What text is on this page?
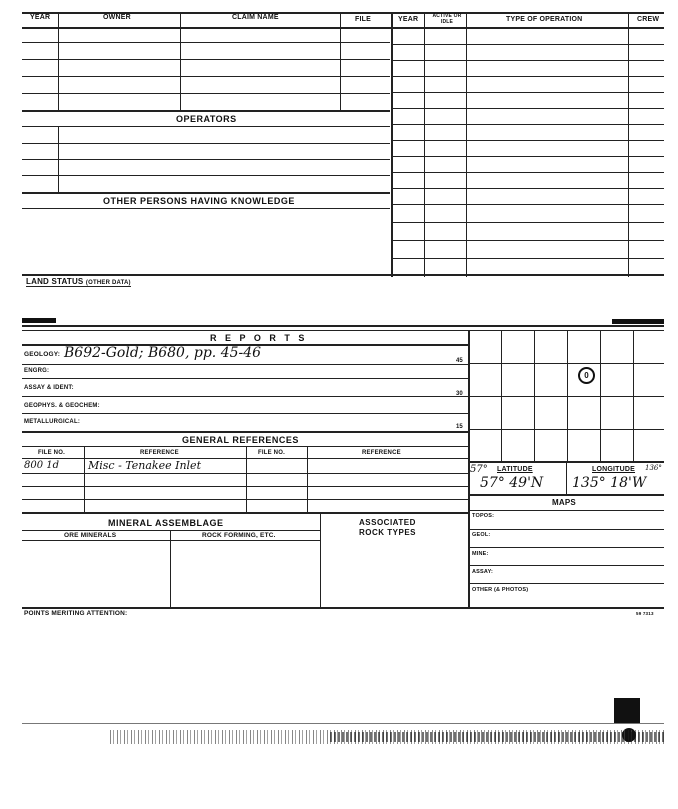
YEAR	OWNER	CLAIM NAME	FILE	YEAR	ACTIVE OR IDLE	TYPE OF OPERATION	CREW
OPERATORS
OTHER PERSONS HAVING KNOWLEDGE
LAND STATUS (OTHER DATA)
R E P O R T S
GEOLOGY: B692-Gold; B680, pp. 45-46	45
ENGRG:
ASSAY & IDENT:
30
GEOPHYS. & GEOCHEM:
METALLURGICAL:
15
GENERAL REFERENCES
FILE NO.	REFERENCE	FILE NO.	REFERENCE
800 1d	Misc - Tenakee Inlet
0
57° LATITUDE	LONGITUDE 136°
57° 49'N 135° 18'W
MAPS
TOPOS:
GEOL:
MINE:
ASSAY:
OTHER (& PHOTOS)
MINERAL ASSEMBLAGE
ORE MINERALS	ROCK FORMING, ETC.
ASSOCIATED
ROCK TYPES
POINTS MERITING ATTENTION:	59 7313
